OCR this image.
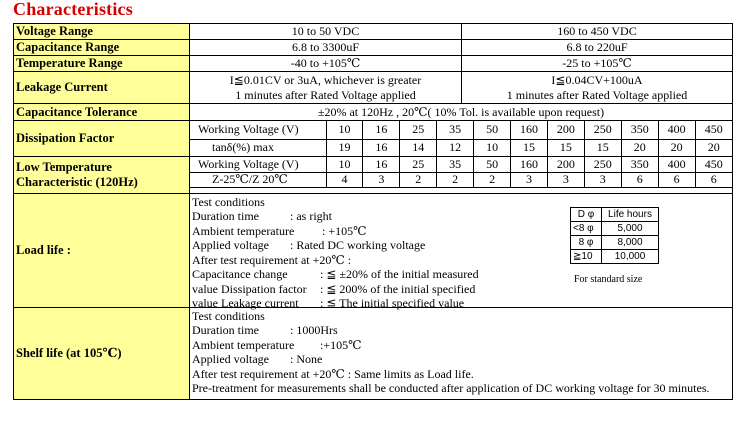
Characteristics
Voltage Range	10 to 50 VDC	160 to 450 VDC
Capacitance Range	6.8 to 3300uF	6.8 to 220uF
Temperature Range	-40 to +105℃	-25 to +105℃
Leakage Current	I≦0.01CV or 3uA, whichever is greater
1 minutes after Rated Voltage applied

I≦0.04CV+100uA
1 minutes after Rated Voltage applied

Capacitance Tolerance	±20% at 120Hz , 20℃( 10% Tol. is available upon request)
Dissipation Factor	
Working Voltage (V)	10	16	25	35	50	160	200	250	350	400	450
tanδ(%) max	19	16	14	12	10	15	15	15	20	20	20

Low Temperature
Characteristic (120Hz)

Working Voltage (V)	10	16	25	35	50	160	200	250	350	400	450
Z-25℃/Z 20℃	4	3	2	2	2	3	3	3	6	6	6

Load life :	
Test conditions
Duration time	: as right
Ambient temperature : +105℃
Applied voltage : Rated DC working voltage
After test requirement at +20℃ :
Capacitance change	: ≦ ±20% of the initial measured
value Dissipation factor : ≦ 200% of the initial specified
value Leakage current : ≦ The initial specified value
D φ	Life hours
<8 φ	5,000
8 φ	8,000
≧10	10,000
For standard size

Shelf life (at 105℃)	
Test conditions
Duration time	: 1000Hrs
Ambient temperature :+105℃
Applied voltage : None
After test requirement at +20℃ : Same limits as Load life.
Pre-treatment for measurements shall be conducted after application of DC working voltage for 30 minutes.
